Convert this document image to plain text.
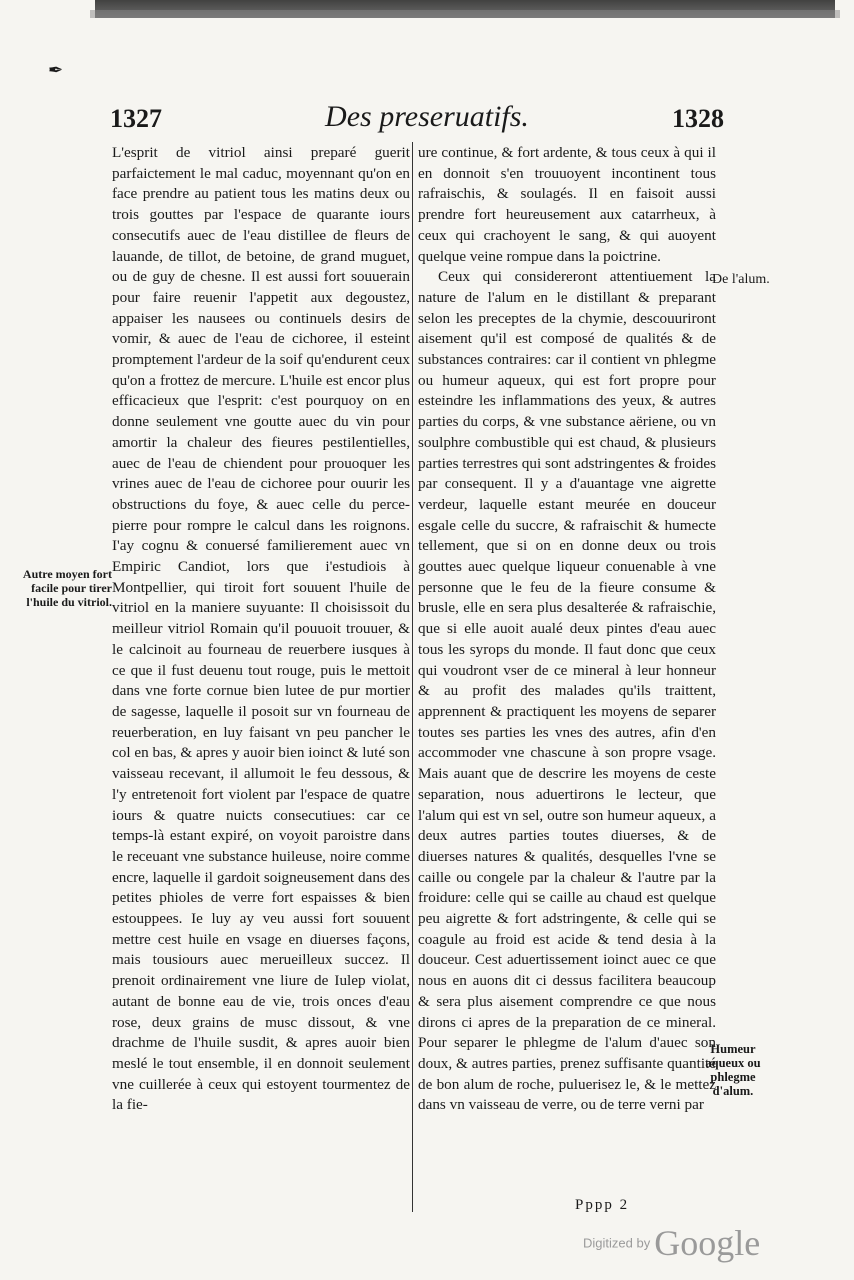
✒
1327	Des preseruatifs.	1328

L'esprit de vitriol ainsi preparé guerit parfaictement le mal caduc, moyennant qu'on en face prendre au patient tous les matins deux ou trois gouttes par l'espace de quarante iours consecutifs auec de l'eau distillee de fleurs de lauande, de tillot, de betoine, de grand muguet, ou de guy de chesne. Il est aussi fort souuerain pour faire reuenir l'appetit aux degoustez, appaiser les nausees ou continuels desirs de vomir, & auec de l'eau de cichoree, il esteint promptement l'ardeur de la soif qu'endurent ceux qu'on a frottez de mercure. L'huile est encor plus efficacieux que l'esprit: c'est pourquoy on en donne seulement vne goutte auec du vin pour amortir la chaleur des fieures pestilentielles, auec de l'eau de chiendent pour prouoquer les vrines auec de l'eau de cichoree pour ouurir les obstructions du foye, & auec celle du perce-pierre pour rompre le calcul dans les roignons. I'ay cognu & conuersé familierement auec vn Empiric Candiot, lors que i'estudiois à Montpellier, qui tiroit fort souuent l'huile de vitriol en la maniere suyuante: Il choisissoit du meilleur vitriol Romain qu'il pouuoit trouuer, & le calcinoit au fourneau de reuerbere iusques à ce que il fust deuenu tout rouge, puis le mettoit dans vne forte cornue bien lutee de pur mortier de sagesse, laquelle il posoit sur vn fourneau de reuerberation, en luy faisant vn peu pancher le col en bas, & apres y auoir bien ioinct & luté son vaisseau recevant, il allumoit le feu dessous, & l'y entretenoit fort violent par l'espace de quatre iours & quatre nuicts consecutiues: car ce temps-là estant expiré, on voyoit paroistre dans le receuant vne substance huileuse, noire comme encre, laquelle il gardoit soigneusement dans des petites phioles de verre fort espaisses & bien estouppees. Ie luy ay veu aussi fort souuent mettre cest huile en vsage en diuerses façons, mais tousiours auec merueilleux succez. Il prenoit ordinairement vne liure de Iulep violat, autant de bonne eau de vie, trois onces d'eau rose, deux grains de musc dissout, & vne drachme de l'huile susdit, & apres auoir bien meslé le tout ensemble, il en donnoit seulement vne cuillerée à ceux qui estoyent tourmentez de la fie-

ure continue, & fort ardente, & tous ceux à qui il en donnoit s'en trouuoyent incontinent tous rafraischis, & soulagés. Il en faisoit aussi prendre fort heureusement aux catarrheux, à ceux qui crachoyent le sang, & qui auoyent quelque veine rompue dans la poictrine.

Ceux qui considereront attentiuement la nature de l'alum en le distillant & preparant selon les preceptes de la chymie, descouuriront aisement qu'il est composé de qualités & de substances contraires: car il contient vn phlegme ou humeur aqueux, qui est fort propre pour esteindre les inflammations des yeux, & autres parties du corps, & vne substance aëriene, ou vn soulphre combustible qui est chaud, & plusieurs parties terrestres qui sont adstringentes & froides par consequent. Il y a d'auantage vne aigrette verdeur, laquelle estant meurée en douceur esgale celle du succre, & rafraischit & humecte tellement, que si on en donne deux ou trois gouttes auec quelque liqueur conuenable à vne personne que le feu de la fieure consume & brusle, elle en sera plus desalterée & rafraischie, que si elle auoit aualé deux pintes d'eau auec tous les syrops du monde. Il faut donc que ceux qui voudront vser de ce mineral à leur honneur & au profit des malades qu'ils traittent, apprennent & practiquent les moyens de separer toutes ses parties les vnes des autres, afin d'en accommoder vne chascune à son propre vsage. Mais auant que de descrire les moyens de ceste separation, nous aduertirons le lecteur, que l'alum qui est vn sel, outre son humeur aqueux, a deux autres parties toutes diuerses, & de diuerses natures & qualités, desquelles l'vne se caille ou congele par la chaleur & l'autre par la froidure: celle qui se caille au chaud est quelque peu aigrette & fort adstringente, & celle qui se coagule au froid est acide & tend desia à la douceur. Cest aduertissement ioinct auec ce que nous en auons dit ci dessus facilitera beaucoup & sera plus aisement comprendre ce que nous dirons ci apres de la preparation de ce mineral. Pour separer le phlegme de l'alum d'auec son doux, & autres parties, prenez suffisante quantité de bon alum de roche, puluerisez le, & le mettez dans vn vaisseau de verre, ou de terre verni par

Autre moyen fort facile pour tirer l'huile du vitriol.
De l'alum.
Humeur aqueux ou phlegme d'alum.
Pppp 2
Digitized by Google
